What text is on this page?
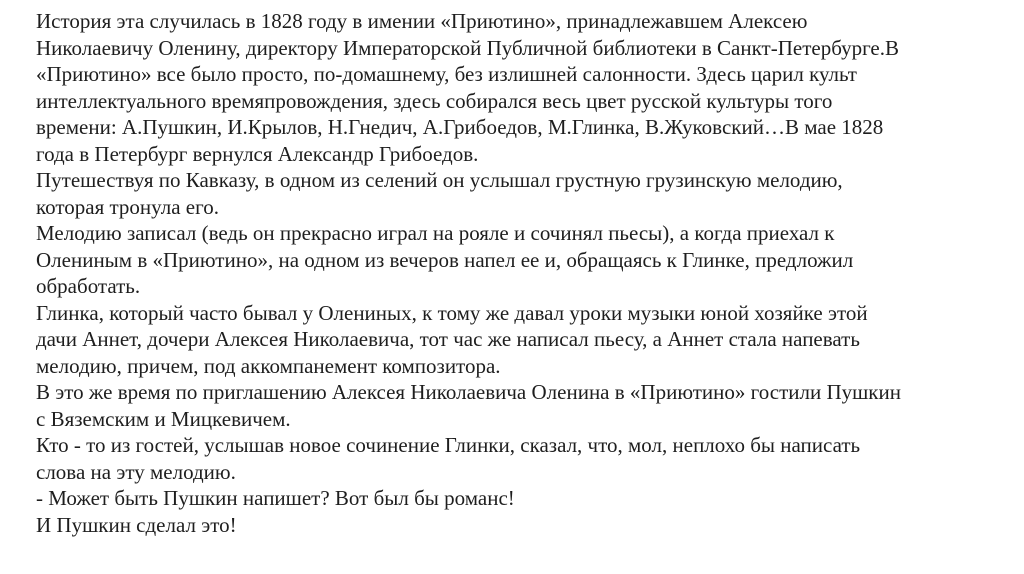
История эта случилась в 1828 году в имении «Приютино», принадлежавшем Алексею
Николаевичу Оленину, директору Императорской Публичной библиотеки в Санкт-Петербурге.В
«Приютино» все было просто, по-домашнему, без излишней салонности. Здесь царил культ
интеллектуального времяпровождения, здесь собирался весь цвет русской культуры того
времени: А.Пушкин, И.Крылов, Н.Гнедич, А.Грибоедов, М.Глинка, В.Жуковский…В мае 1828
года в Петербург вернулся Александр Грибоедов.

Путешествуя по Кавказу, в одном из селений он услышал грустную грузинскую мелодию,
которая тронула его.

Мелодию записал (ведь он прекрасно играл на рояле и сочинял пьесы), а когда приехал к
Олениным в «Приютино», на одном из вечеров напел ее и, обращаясь к Глинке, предложил
обработать.

Глинка, который часто бывал у Олениных, к тому же давал уроки музыки юной хозяйке этой
дачи Аннет, дочери Алексея Николаевича, тот час же написал пьесу, а Аннет стала напевать
мелодию, причем, под аккомпанемент композитора.

В это же время по приглашению Алексея Николаевича Оленина в «Приютино» гостили Пушкин
с Вяземским и Мицкевичем.

Кто - то из гостей, услышав новое сочинение Глинки, сказал, что, мол, неплохо бы написать
слова на эту мелодию.

- Может быть Пушкин напишет? Вот был бы романс!

И Пушкин сделал это!
